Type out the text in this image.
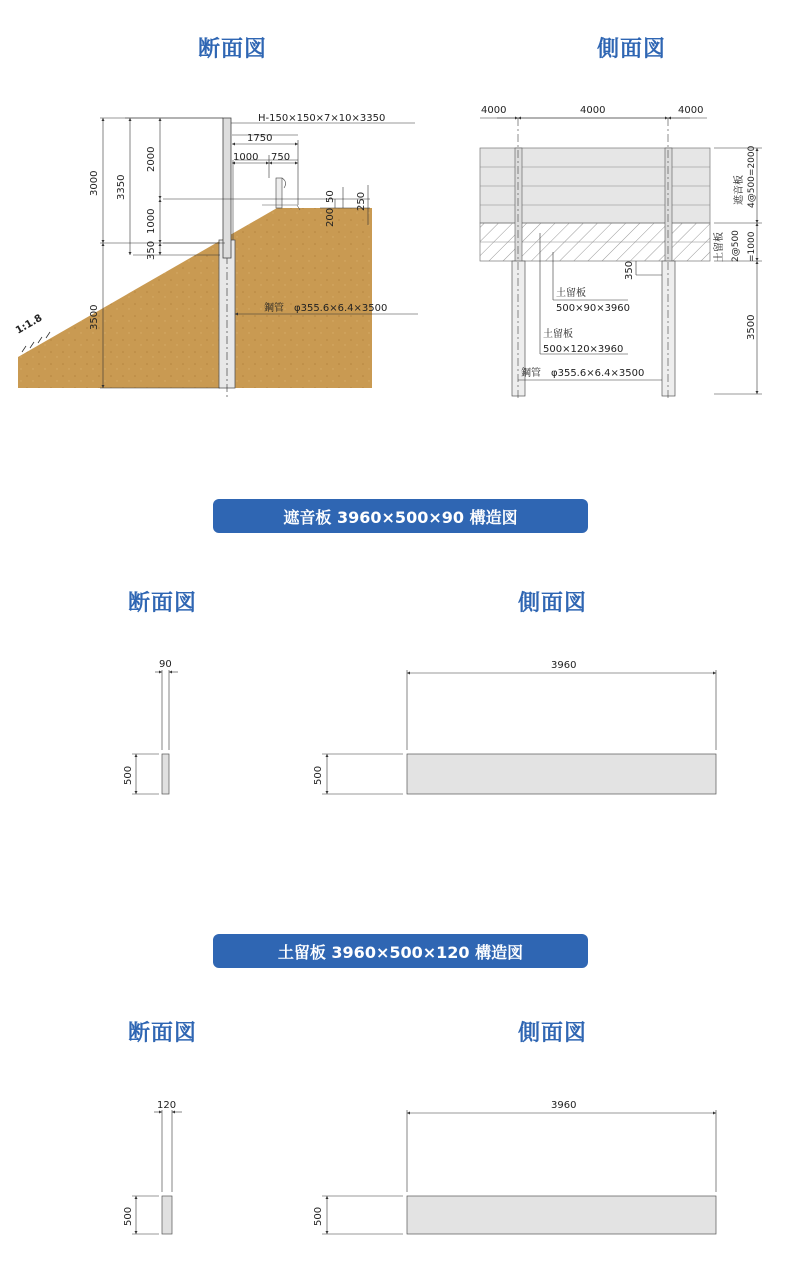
断面図	側面図
遮音板 3960×500×90 構造図
断面図	側面図
土留板 3960×500×120 構造図
断面図	側面図
1:1.8
H-150×150×7×10×3350
1750
1000 750
3000 3350
2000
1000
350
3500
200
50 250
鋼管　φ355.6×6.4×3500
4000	4000	4000
遮音板 4@500=2000
土留板 2@500 =1000
350
3500
土留板
500×90×3960
土留板
500×120×3960
鋼管　φ355.6×6.4×3500
90
500
3960
500
120
500
3960
500
